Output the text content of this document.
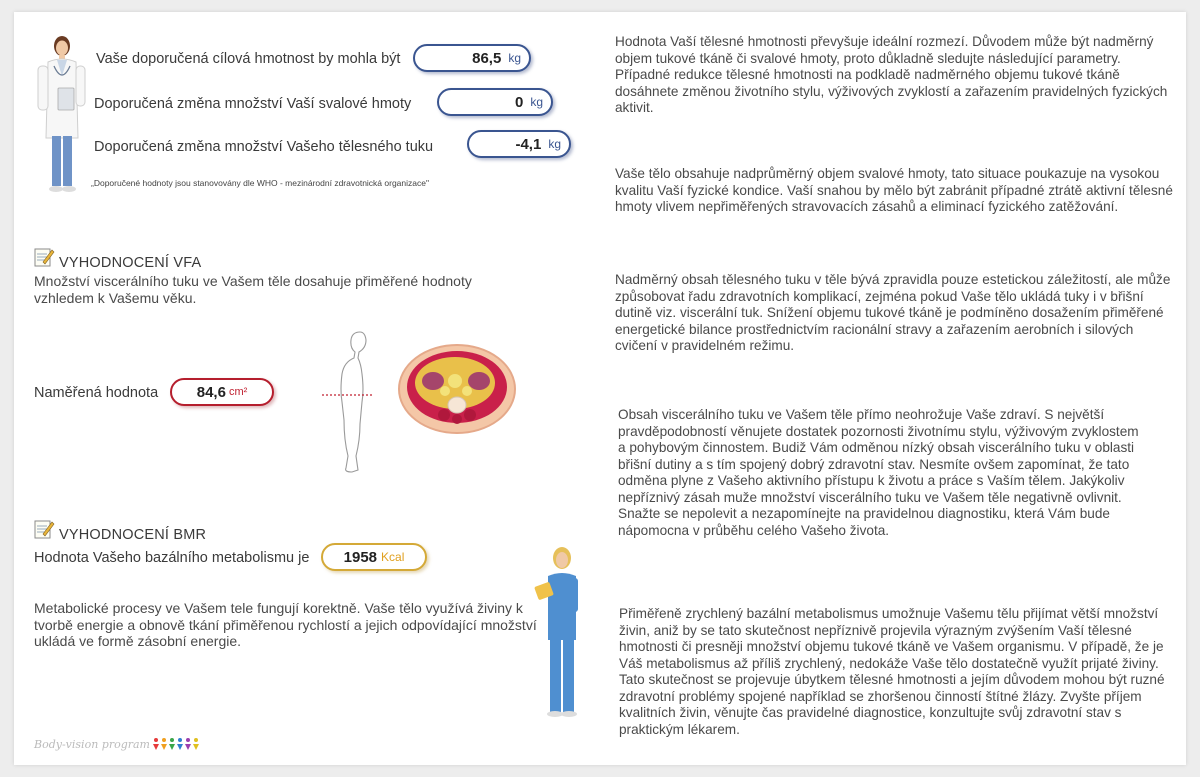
Vaše doporučená cílová hmotnost by mohla být	86,5 kg
Doporučená změna množství Vaší svalové hmoty	0 kg
Doporučená změna množství Vašeho tělesného tuku	-4,1 kg
„Doporučené hodnoty jsou stanovovány dle WHO - mezinárodní zdravotnická organizace"
VYHODNOCENÍ VFA
Množství viscerálního tuku ve Vašem těle dosahuje přiměřené hodnoty vzhledem k Vašemu věku.
Naměřená hodnota	84,6 cm²
VYHODNOCENÍ BMR
Hodnota Vašeho bazálního metabolismu je 1958 Kcal
Metabolické procesy ve Vašem tele fungují korektně. Vaše tělo využívá živiny k tvorbě energie a obnově tkání přiměřenou rychlostí a jejich odpovídající množství ukládá ve formě zásobní energie.
Body-vision program
Hodnota Vaší tělesné hmotnosti převyšuje ideální rozmezí. Důvodem může být nadměrný objem tukové tkáně či svalové hmoty, proto důkladně sledujte následující parametry. Případné redukce tělesné hmotnosti na podkladě nadměrného objemu tukové tkáně dosáhnete změnou životního stylu, výživových zvyklostí a zařazením pravidelných fyzických aktivit.
Vaše tělo obsahuje nadprůměrný objem svalové hmoty, tato situace poukazuje na vysokou kvalitu Vaší fyzické kondice. Vaší snahou by mělo být zabránit případné ztrátě aktivní tělesné hmoty vlivem nepřiměřených stravovacích zásahů a eliminací fyzického zatěžování.
Nadměrný obsah tělesného tuku v těle bývá zpravidla pouze estetickou záležitostí, ale může způsobovat řadu zdravotních komplikací, zejména pokud Vaše tělo ukládá tuky i v břišní dutině viz. viscerální tuk. Snížení objemu tukové tkáně je podmíněno dosažením přiměřené energetické bilance prostřednictvím racionální stravy a zařazením aerobních i silových cvičení v pravidelném režimu.
Obsah viscerálního tuku ve Vašem těle přímo neohrožuje Vaše zdraví. S největší pravděpodobností věnujete dostatek pozornosti životnímu stylu, výživovým zvyklostem a pohybovým činnostem. Budiž Vám odměnou nízký obsah viscerálního tuku v oblasti břišní dutiny a s tím spojený dobrý zdravotní stav. Nesmíte ovšem zapomínat, že tato odměna plyne z Vašeho aktivního přístupu k životu a práce s Vaším tělem. Jakýkoliv nepříznivý zásah muže množství viscerálního tuku ve Vašem těle negativně ovlivnit. Snažte se nepolevit a nezapomínejte na pravidelnou diagnostiku, která Vám bude nápomocna v průběhu celého Vašeho života.
Přiměřeně zrychlený bazální metabolismus umožnuje Vašemu tělu přijímat větší množství živin, aniž by se tato skutečnost nepříznivě projevila výrazným zvýšením Vaší tělesné hmotnosti či presněji množství objemu tukové tkáně ve Vašem organismu. V případě, že je Váš metabolismus až příliš zrychlený, nedokáže Vaše tělo dostatečně využít prijaté živiny. Tato skutečnost se projevuje úbytkem tělesné hmotnosti a jejím důvodem mohou být ruzné zdravotní problémy spojené například se zhoršenou činností štítné žlázy. Zvyšte příjem kvalitních živin, věnujte čas pravidelné diagnostice, konzultujte svůj zdravotní stav s praktickým lékarem.
